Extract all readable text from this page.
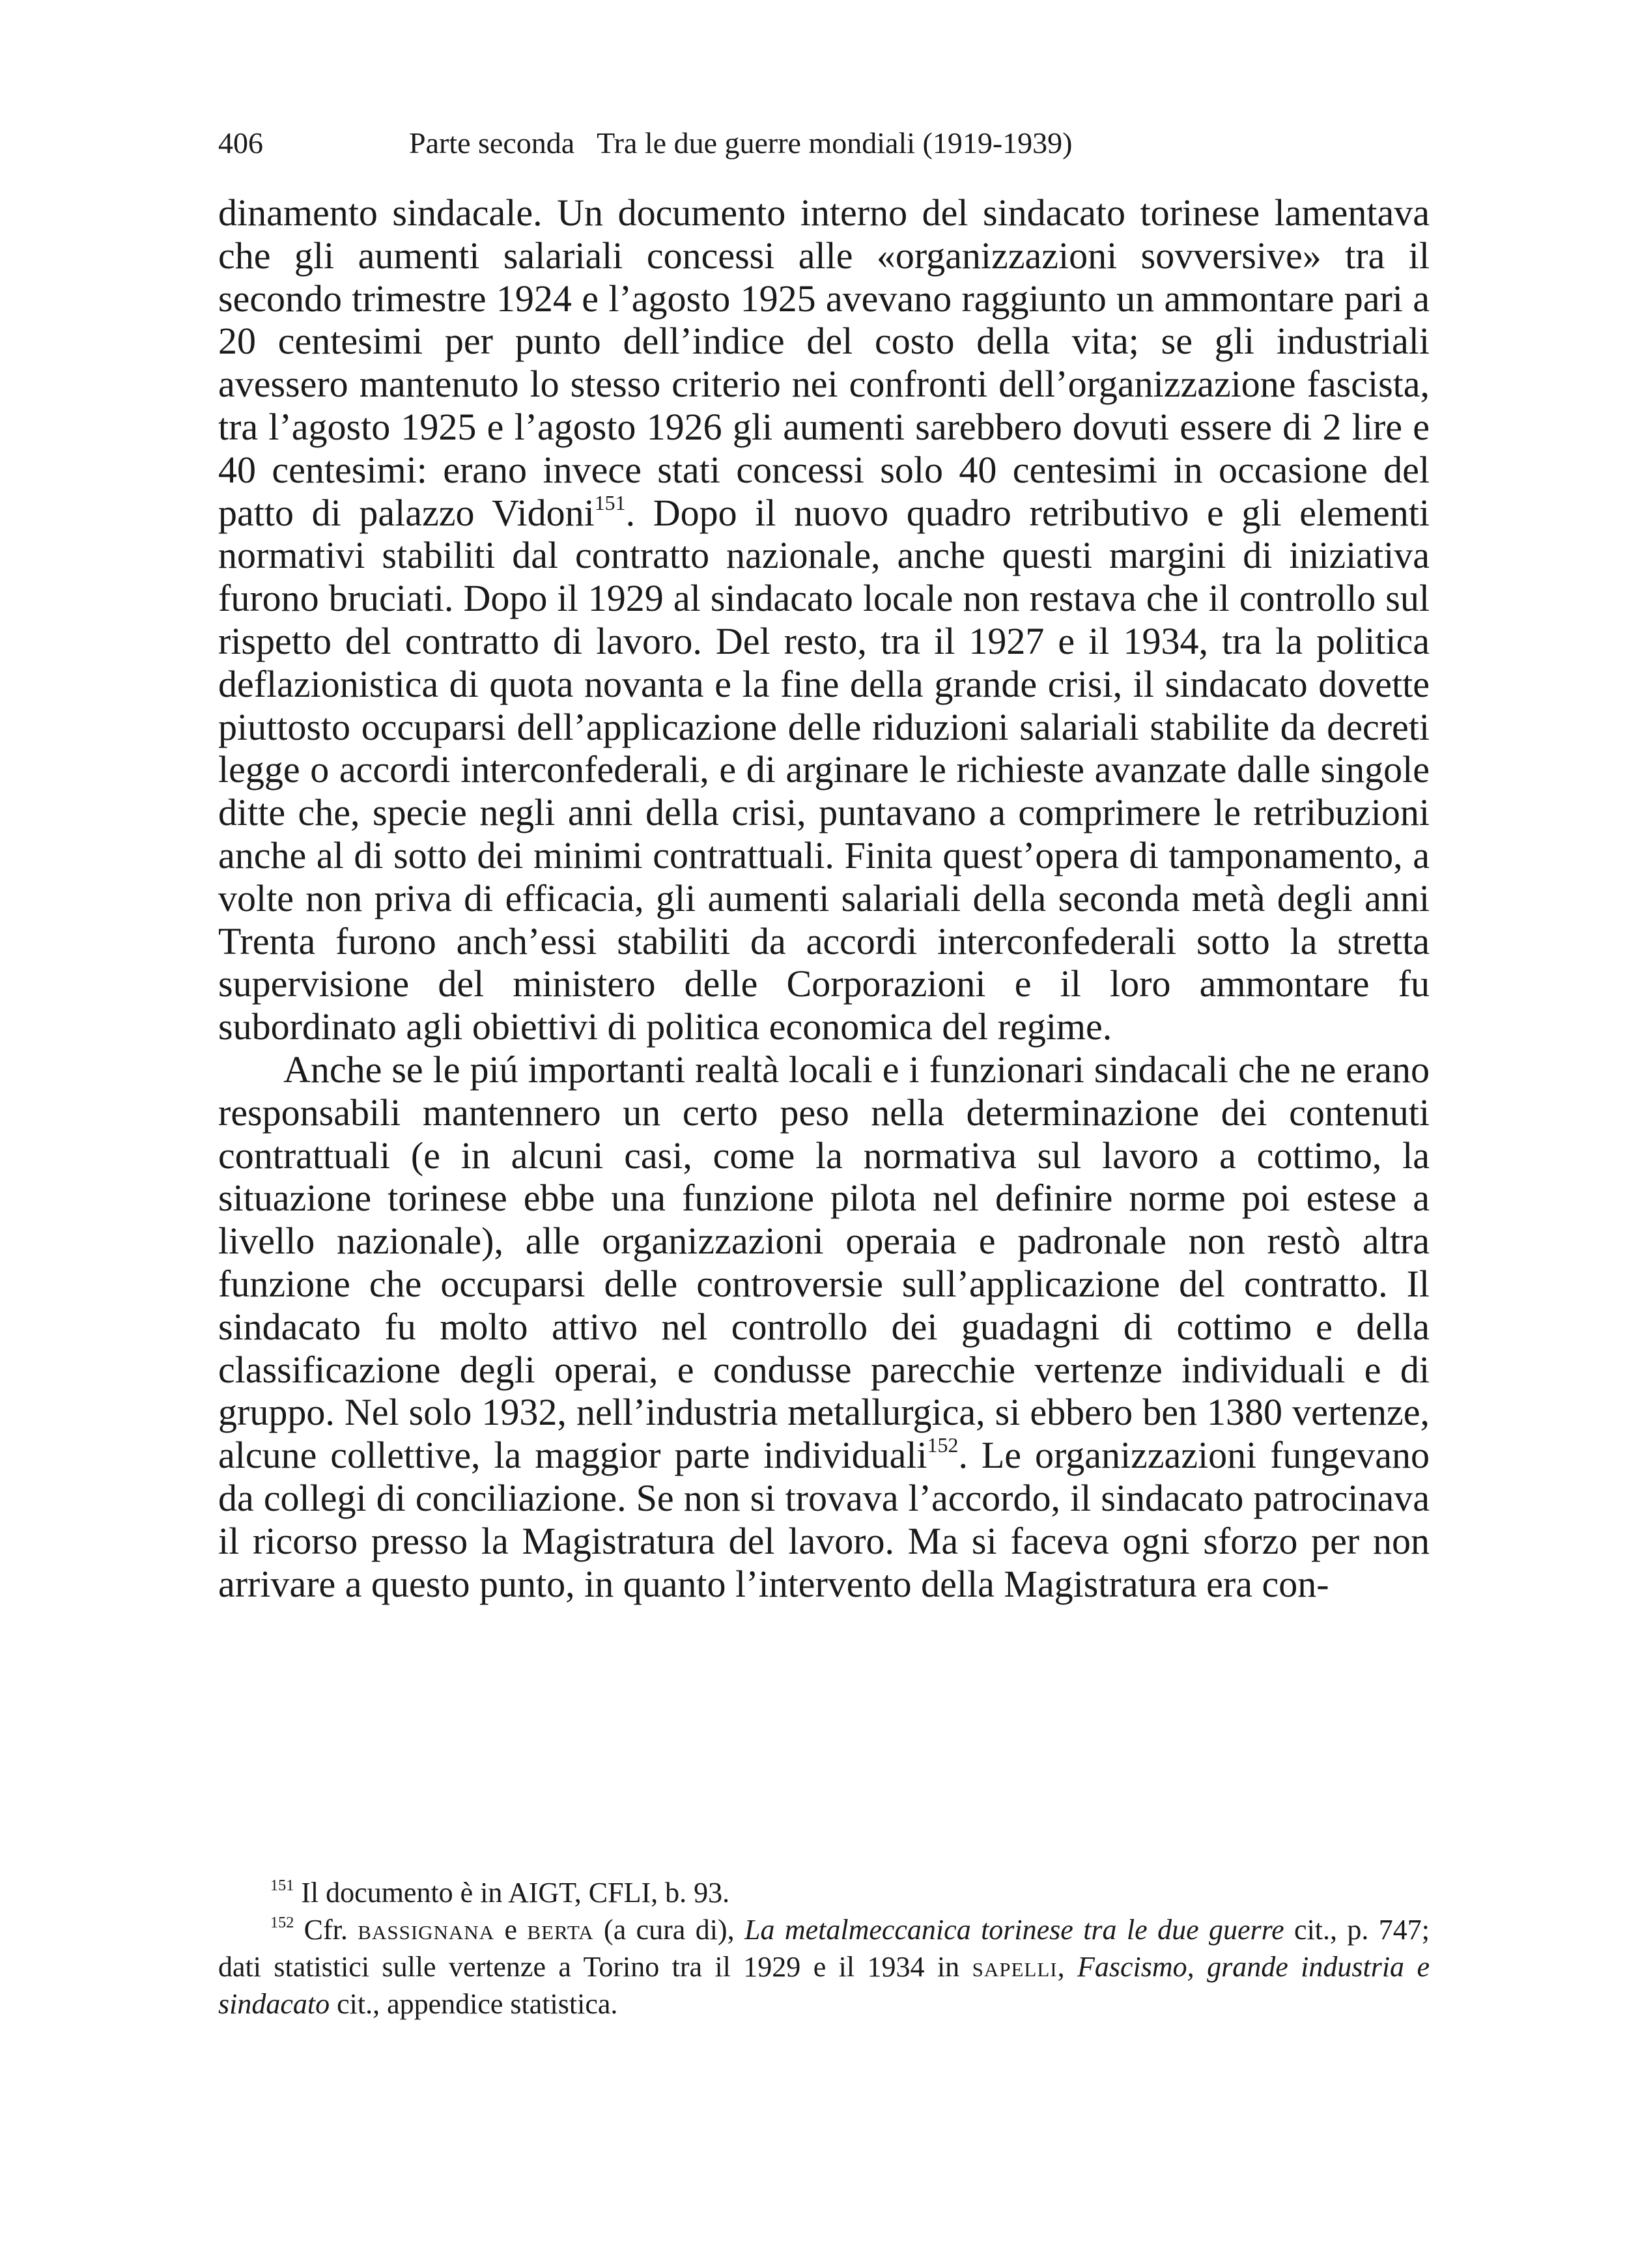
406	Parte seconda Tra le due guerre mondiali (1919-1939)

dinamento sindacale. Un documento interno del sindacato torinese lamentava che gli aumenti salariali concessi alle «organizzazioni sovversive» tra il secondo trimestre 1924 e l’agosto 1925 avevano raggiunto un ammontare pari a 20 centesimi per punto dell’indice del costo della vita; se gli industriali avessero mantenuto lo stesso criterio nei confronti dell’organizzazione fascista, tra l’agosto 1925 e l’agosto 1926 gli aumenti sarebbero dovuti essere di 2 lire e 40 centesimi: erano invece stati concessi solo 40 centesimi in occasione del patto di palazzo Vidoni$^{151}$. Dopo il nuovo quadro retributivo e gli elementi normativi stabiliti dal contratto nazionale, anche questi margini di iniziativa furono bruciati. Dopo il 1929 al sindacato locale non restava che il controllo sul rispetto del contratto di lavoro. Del resto, tra il 1927 e il 1934, tra la politica deflazionistica di quota novanta e la fine della grande crisi, il sindacato dovette piuttosto occuparsi dell’applicazione delle riduzioni salariali stabilite da decreti legge o accordi interconfederali, e di arginare le richieste avanzate dalle singole ditte che, specie negli anni della crisi, puntavano a comprimere le retribuzioni anche al di sotto dei minimi contrattuali. Finita quest’opera di tamponamento, a volte non priva di efficacia, gli aumenti salariali della seconda metà degli anni Trenta furono anch’essi stabiliti da accordi interconfederali sotto la stretta supervisione del ministero delle Corporazioni e il loro ammontare fu subordinato agli obiettivi di politica economica del regime.

Anche se le piú importanti realtà locali e i funzionari sindacali che ne erano responsabili mantennero un certo peso nella determinazione dei contenuti contrattuali (e in alcuni casi, come la normativa sul lavoro a cottimo, la situazione torinese ebbe una funzione pilota nel definire norme poi estese a livello nazionale), alle organizzazioni operaia e padronale non restò altra funzione che occuparsi delle controversie sull’applicazione del contratto. Il sindacato fu molto attivo nel controllo dei guadagni di cottimo e della classificazione degli operai, e condusse parecchie vertenze individuali e di gruppo. Nel solo 1932, nell’industria metallurgica, si ebbero ben 1380 vertenze, alcune collettive, la maggior parte individuali$^{152}$. Le organizzazioni fungevano da collegi di conciliazione. Se non si trovava l’accordo, il sindacato patrocinava il ricorso presso la Magistratura del lavoro. Ma si faceva ogni sforzo per non arrivare a questo punto, in quanto l’intervento della Magistratura era con-

$^{151}$ Il documento è in AIGT, CFLI, b. 93.

$^{152}$ Cfr. bassignana e berta (a cura di), La metalmeccanica torinese tra le due guerre cit., p. 747; dati statistici sulle vertenze a Torino tra il 1929 e il 1934 in sapelli, Fascismo, grande industria e sindacato cit., appendice statistica.
